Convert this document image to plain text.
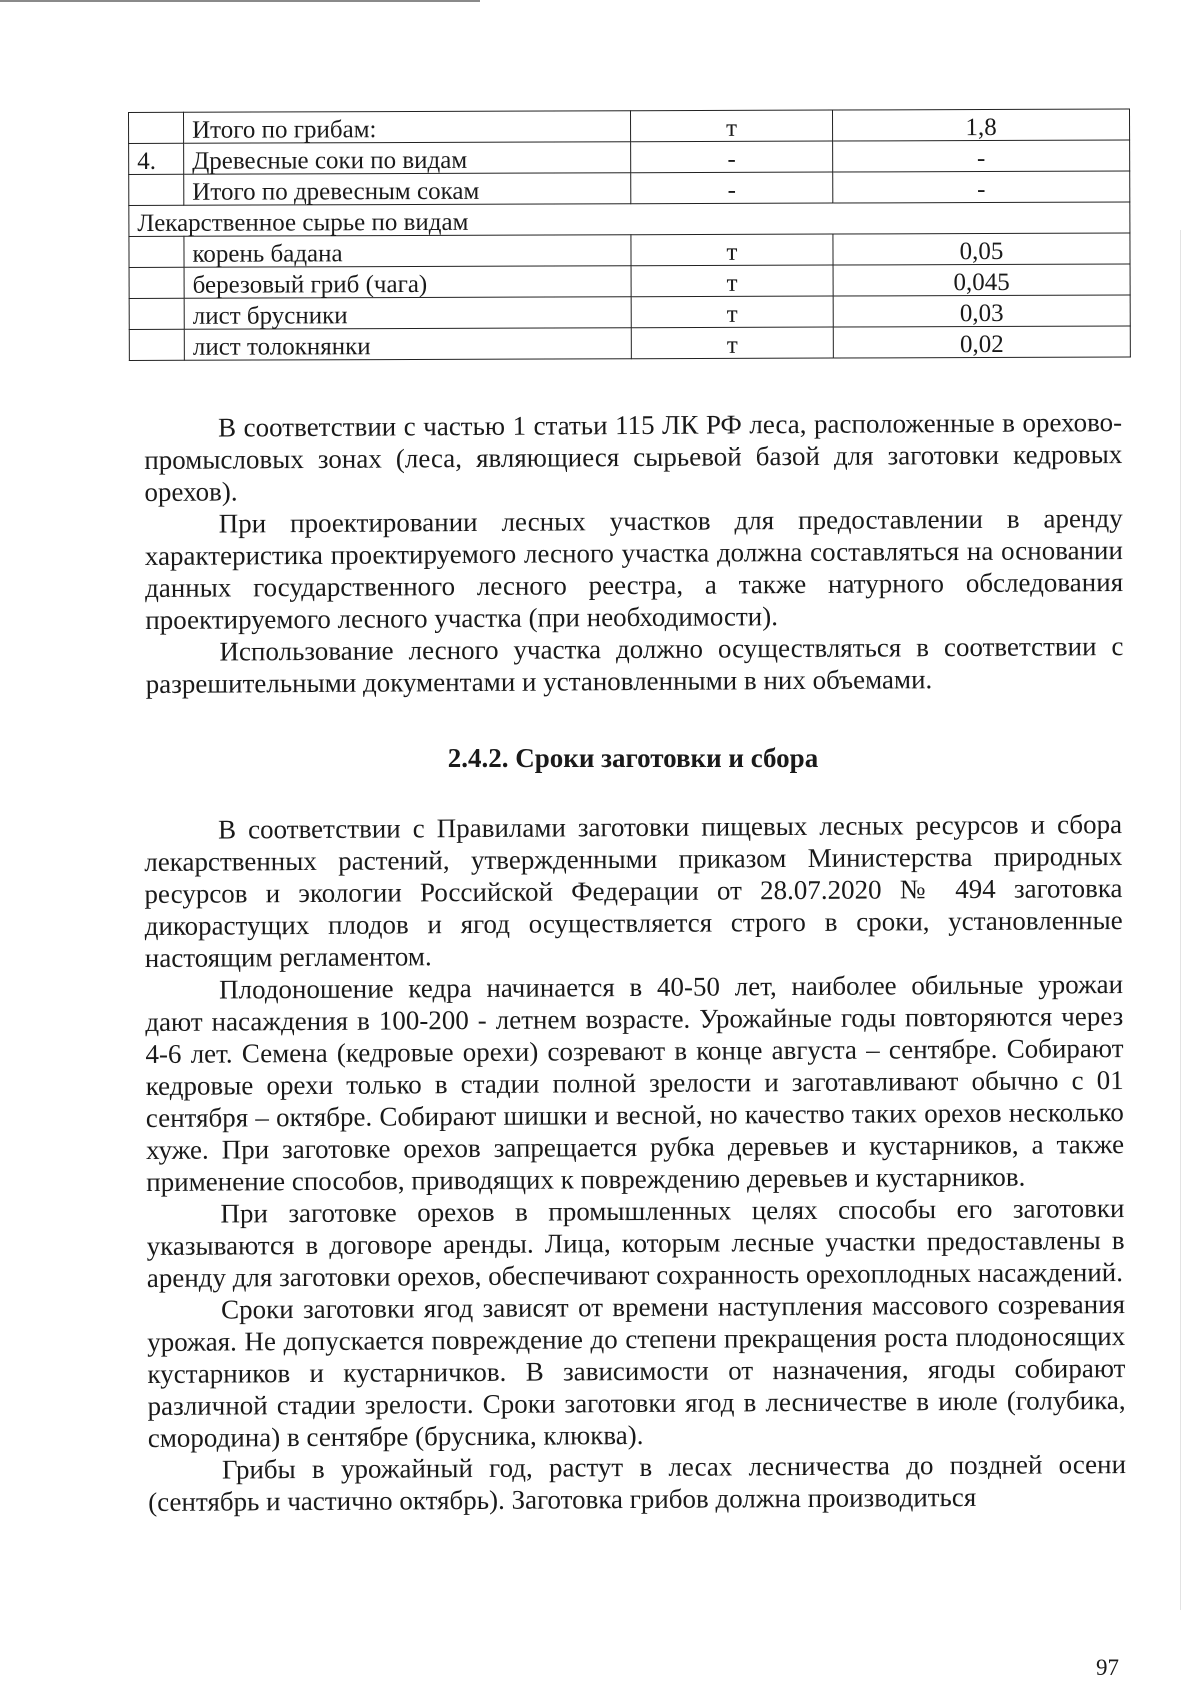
	Итого по грибам:	т	1,8
4.	Древесные соки по видам	-	-
	Итого по древесным сокам	-	-
Лекарственное сырье по видам			
	корень бадана	т	0,05
	березовый гриб (чага)	т	0,045
	лист брусники	т	0,03
	лист толокнянки	т	0,02

В соответствии с частью 1 статьи 115 ЛК РФ леса, расположенные в орехово-промысловых зонах (леса, являющиеся сырьевой базой для заготовки кедровых орехов).

При проектировании лесных участков для предоставлении в аренду характеристика проектируемого лесного участка должна составляться на основании данных государственного лесного реестра, а также натурного обследования проектируемого лесного участка (при необходимости).

Использование лесного участка должно осуществляться в соответствии с разрешительными документами и установленными в них объемами.

2.4.2. Сроки заготовки и сбора

В соответствии с Правилами заготовки пищевых лесных ресурсов и сбора лекарственных растений, утвержденными приказом Министерства природных ресурсов и экологии Российской Федерации от 28.07.2020 № 494 заготовка дикорастущих плодов и ягод осуществляется строго в сроки, установленные настоящим регламентом.

Плодоношение кедра начинается в 40-50 лет, наиболее обильные урожаи дают насаждения в 100-200 - летнем возрасте. Урожайные годы повторяются через 4-6 лет. Семена (кедровые орехи) созревают в конце августа – сентябре. Собирают кедровые орехи только в стадии полной зрелости и заготавливают обычно с 01 сентября – октябре. Собирают шишки и весной, но качество таких орехов несколько хуже. При заготовке орехов запрещается рубка деревьев и кустарников, а также применение способов, приводящих к повреждению деревьев и кустарников.

При заготовке орехов в промышленных целях способы его заготовки указываются в договоре аренды. Лица, которым лесные участки предоставлены в аренду для заготовки орехов, обеспечивают сохранность орехоплодных насаждений.

Сроки заготовки ягод зависят от времени наступления массового созревания урожая. Не допускается повреждение до степени прекращения роста плодоносящих кустарников и кустарничков. В зависимости от назначения, ягоды собирают различной стадии зрелости. Сроки заготовки ягод в лесничестве в июле (голубика, смородина) в сентябре (брусника, клюква).

Грибы в урожайный год, растут в лесах лесничества до поздней осени (сентябрь и частично октябрь). Заготовка грибов должна производиться

97
